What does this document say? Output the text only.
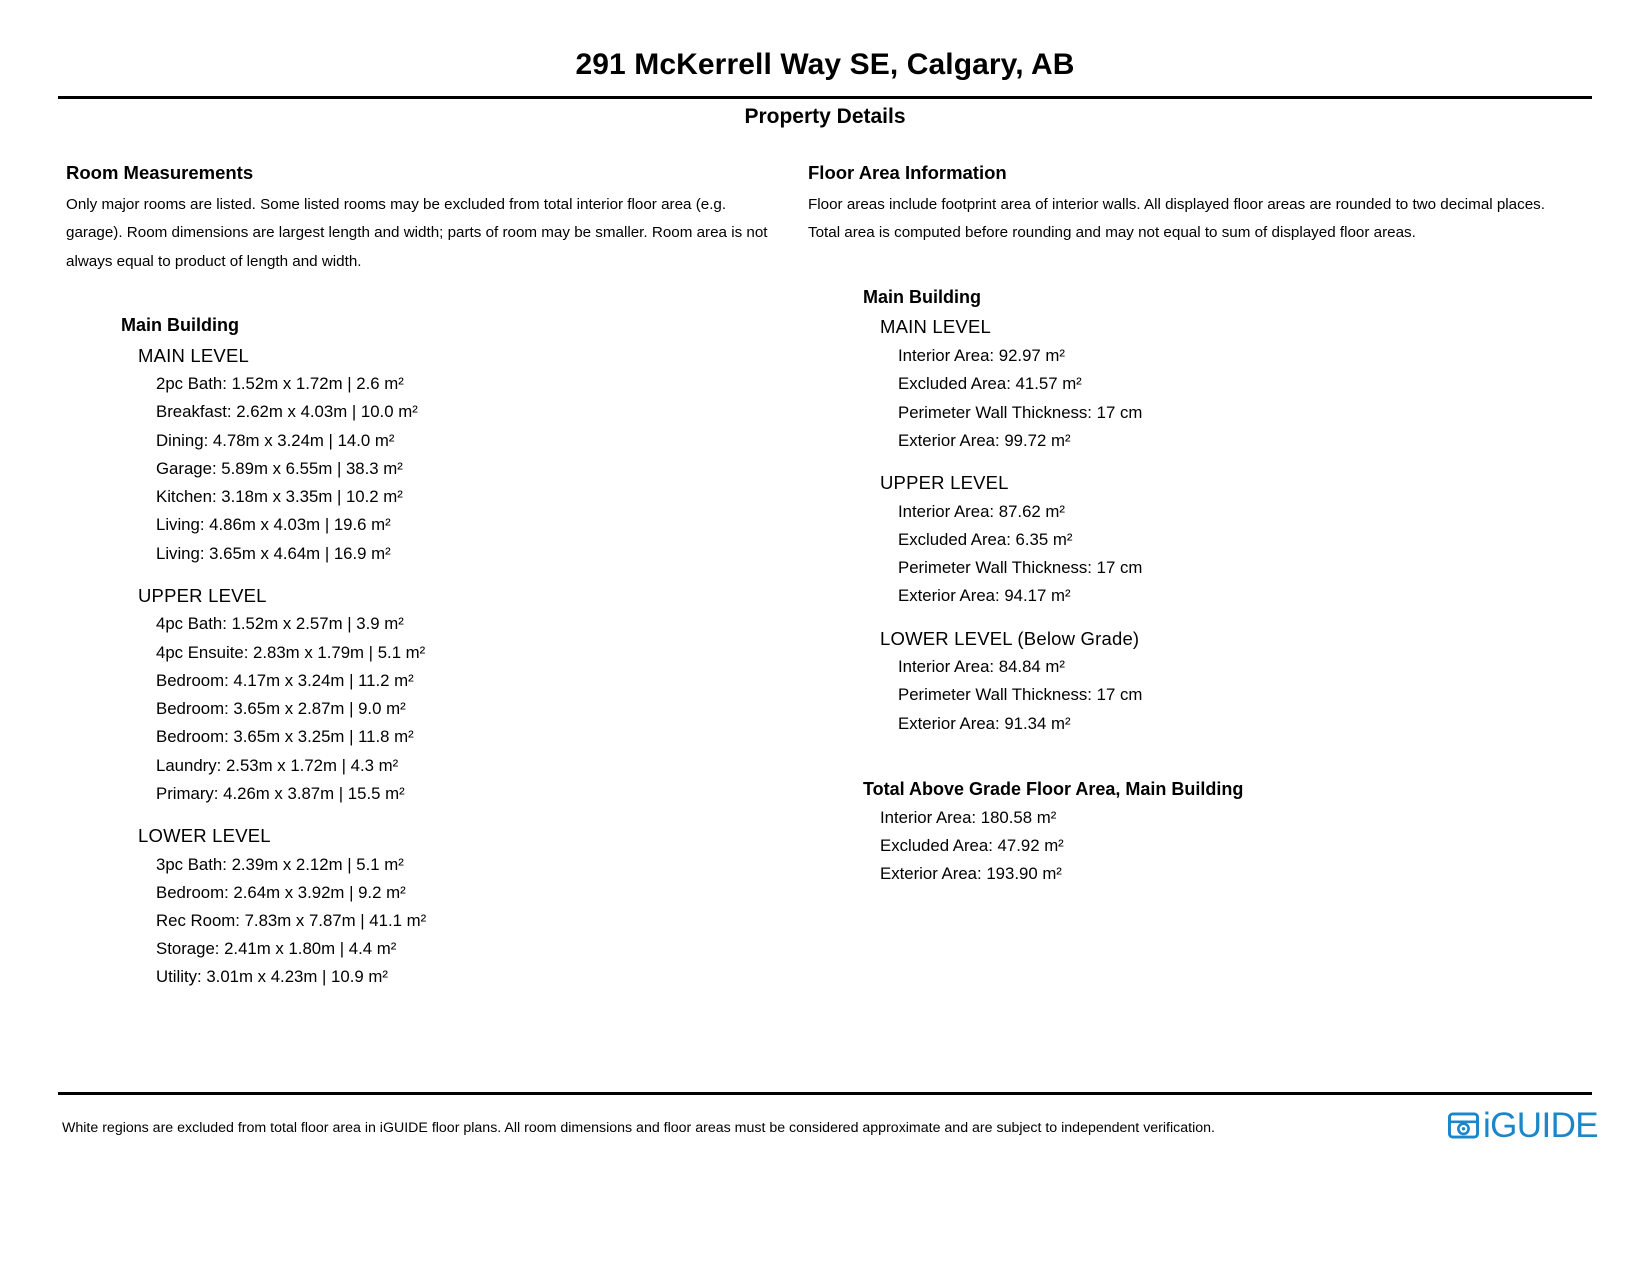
291 McKerrell Way SE, Calgary, AB
Property Details
Room Measurements

Only major rooms are listed. Some listed rooms may be excluded from total interior floor area (e.g. garage). Room dimensions are largest length and width; parts of room may be smaller. Room area is not always equal to product of length and width.

Main Building
MAIN LEVEL
2pc Bath: 1.52m x 1.72m | 2.6 m²
Breakfast: 2.62m x 4.03m | 10.0 m²
Dining: 4.78m x 3.24m | 14.0 m²
Garage: 5.89m x 6.55m | 38.3 m²
Kitchen: 3.18m x 3.35m | 10.2 m²
Living: 4.86m x 4.03m | 19.6 m²
Living: 3.65m x 4.64m | 16.9 m²
UPPER LEVEL
4pc Bath: 1.52m x 2.57m | 3.9 m²
4pc Ensuite: 2.83m x 1.79m | 5.1 m²
Bedroom: 4.17m x 3.24m | 11.2 m²
Bedroom: 3.65m x 2.87m | 9.0 m²
Bedroom: 3.65m x 3.25m | 11.8 m²
Laundry: 2.53m x 1.72m | 4.3 m²
Primary: 4.26m x 3.87m | 15.5 m²
LOWER LEVEL
3pc Bath: 2.39m x 2.12m | 5.1 m²
Bedroom: 2.64m x 3.92m | 9.2 m²
Rec Room: 7.83m x 7.87m | 41.1 m²
Storage: 2.41m x 1.80m | 4.4 m²
Utility: 3.01m x 4.23m | 10.9 m²
Floor Area Information

Floor areas include footprint area of interior walls. All displayed floor areas are rounded to two decimal places. Total area is computed before rounding and may not equal to sum of displayed floor areas.

Main Building
MAIN LEVEL
Interior Area: 92.97 m²
Excluded Area: 41.57 m²
Perimeter Wall Thickness: 17 cm
Exterior Area: 99.72 m²
UPPER LEVEL
Interior Area: 87.62 m²
Excluded Area: 6.35 m²
Perimeter Wall Thickness: 17 cm
Exterior Area: 94.17 m²
LOWER LEVEL (Below Grade)
Interior Area: 84.84 m²
Perimeter Wall Thickness: 17 cm
Exterior Area: 91.34 m²
Total Above Grade Floor Area, Main Building
Interior Area: 180.58 m²
Excluded Area: 47.92 m²
Exterior Area: 193.90 m²
White regions are excluded from total floor area in iGUIDE floor plans. All room dimensions and floor areas must be considered approximate and are subject to independent verification.	iGUIDE
